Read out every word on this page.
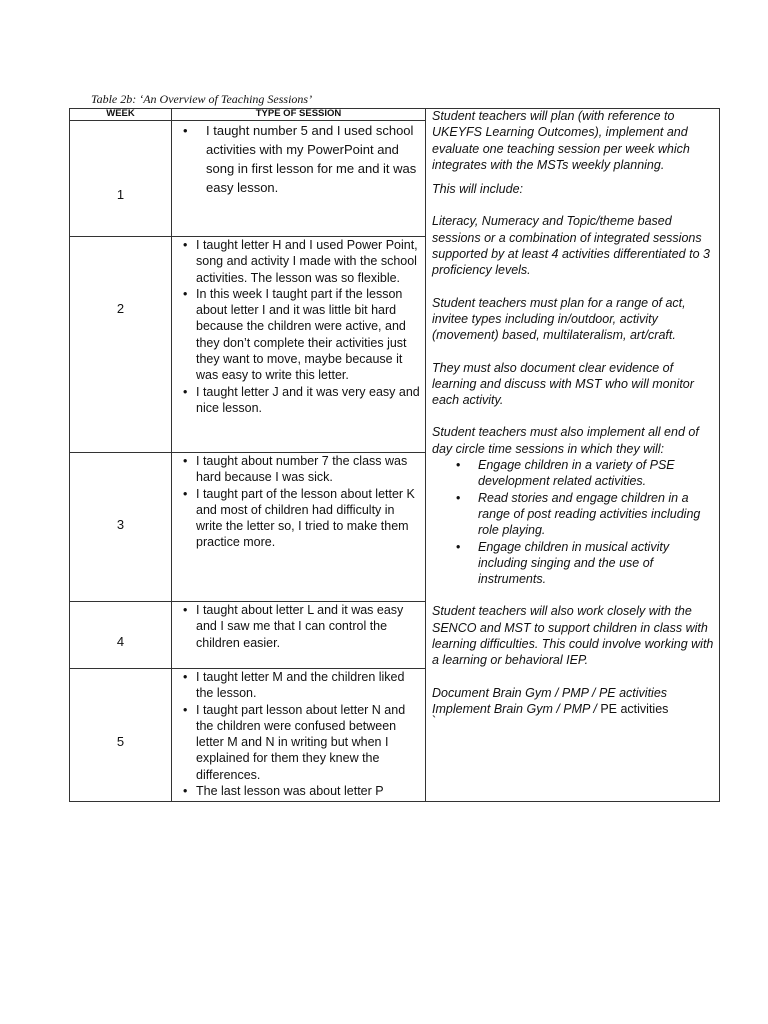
Table 2b: ‘An Overview of Teaching Sessions’
WEEK	TYPE OF SESSION
1
2
3
4
5
• I taught number 5 and I used school activities with my PowerPoint and song in first lesson for me and it was easy lesson.
• I taught letter H and I used Power Point, song and activity I made with the school activities. The lesson was so flexible.
• In this week I taught part if the lesson about letter I and it was little bit hard because the children were active, and they don’t complete their activities just they want to move, maybe because it was easy to write this letter.
• I taught letter J and it was very easy and nice lesson.
• I taught about number 7 the class was hard because I was sick.
• I taught part of the lesson about letter K and most of children had difficulty in write the letter so, I tried to make them practice more.
• I taught about letter L and it was easy and I saw me that I can control the children easier.
• I taught letter M and the children liked the lesson.
• I taught part lesson about letter N and the children were confused between letter M and N in writing but when I explained for them they knew the differences.
• The last lesson was about letter P

Student teachers will plan (with reference to UKEYFS Learning Outcomes), implement and evaluate one teaching session per week which integrates with the MSTs weekly planning.

This will include:

Literacy, Numeracy and Topic/theme based sessions or a combination of integrated sessions supported by at least 4 activities differentiated to 3 proficiency levels.

Student teachers must plan for a range of act, invitee types including in/outdoor, activity (movement) based, multilateralism, art/craft.

They must also document clear evidence of learning and discuss with MST who will monitor each activity.

Student teachers must also implement all end of day circle time sessions in which they will:

• Engage children in a variety of PSE development related activities.
• Read stories and engage children in a range of post reading activities including role playing.
• Engage children in musical activity including singing and the use of instruments.

Student teachers will also work closely with the SENCO and MST to support children in class with learning difficulties. This could involve working with a learning or behavioral IEP.

Document Brain Gym / PMP / PE activities

Implement Brain Gym / PMP / PE activities

`
